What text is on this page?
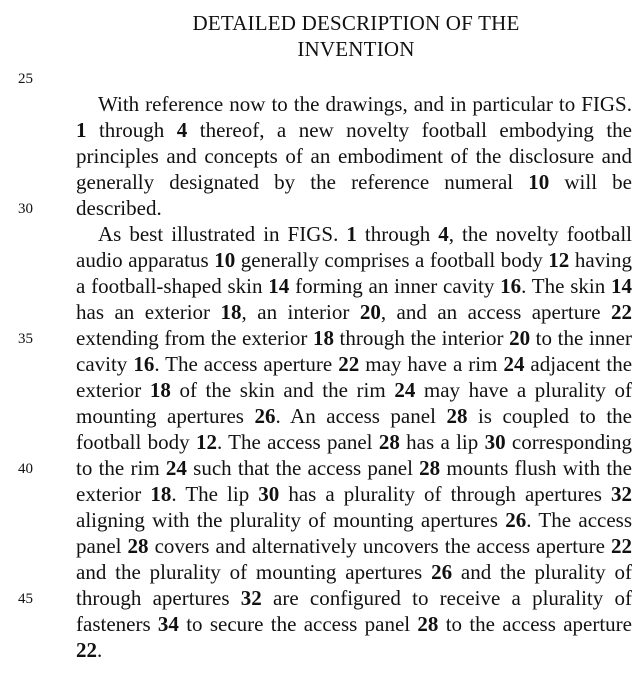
DETAILED DESCRIPTION OF THE
INVENTION
25
30
35
40
45

With reference now to the drawings, and in particular to FIGS. 1 through 4 thereof, a new novelty football embodying the principles and concepts of an embodiment of the disclosure and generally designated by the reference numeral 10 will be described.

As best illustrated in FIGS. 1 through 4, the novelty football audio apparatus 10 generally comprises a football body 12 having a football-shaped skin 14 forming an inner cavity 16. The skin 14 has an exterior 18, an interior 20, and an access aperture 22 extending from the exterior 18 through the interior 20 to the inner cavity 16. The access aperture 22 may have a rim 24 adjacent the exterior 18 of the skin and the rim 24 may have a plurality of mounting apertures 26. An access panel 28 is coupled to the football body 12. The access panel 28 has a lip 30 corresponding to the rim 24 such that the access panel 28 mounts flush with the exterior 18. The lip 30 has a plurality of through apertures 32 aligning with the plurality of mounting apertures 26. The access panel 28 covers and alternatively uncovers the access aperture 22 and the plurality of mounting apertures 26 and the plurality of through apertures 32 are configured to receive a plurality of fasteners 34 to secure the access panel 28 to the access aperture 22.
